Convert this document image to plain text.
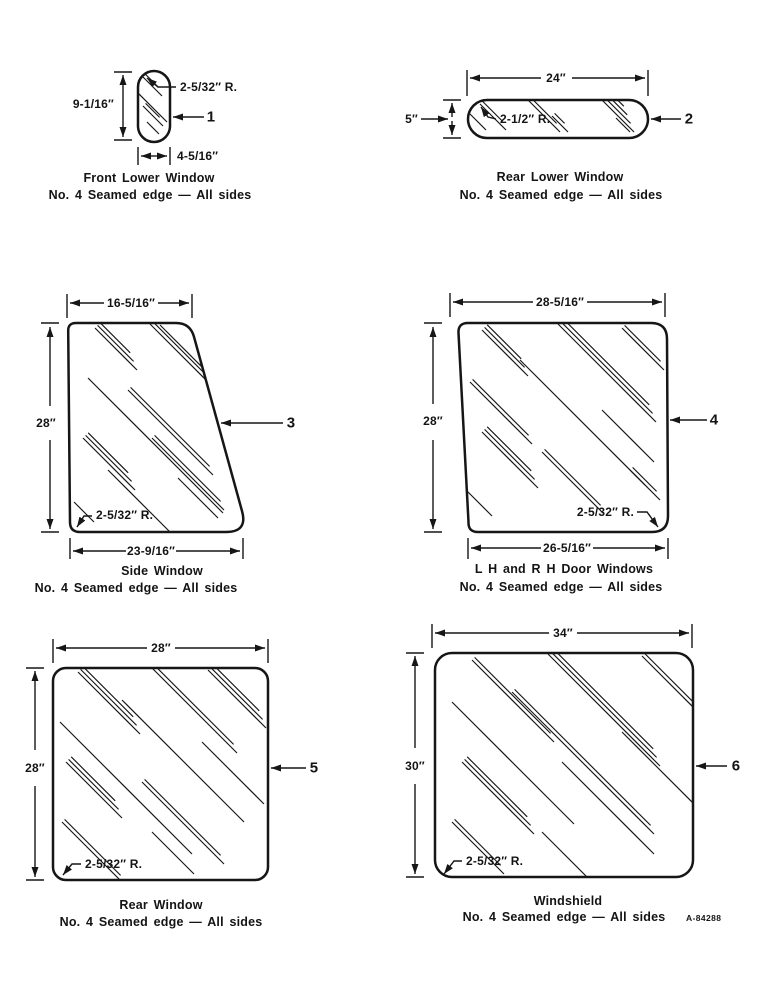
9-1/16″
4-5/16″
2-5/32″ R.
1
Front Lower Window
No. 4 Seamed edge — All sides
24″
5″	2-1/2″ R.	2
Rear Lower Window
No. 4 Seamed edge — All sides
16-5/16″
28″
23-9/16″
2-5/32″ R.
3
Side Window
No. 4 Seamed edge — All sides
28-5/16″
28″
26-5/16″
2-5/32″ R.
4
L H and R H Door Windows
No. 4 Seamed edge — All sides
28″
28″
2-5/32″ R.
5
Rear Window
No. 4 Seamed edge — All sides
34″
30″
2-5/32″ R.
6
Windshield
No. 4 Seamed edge — All sides A-84288
